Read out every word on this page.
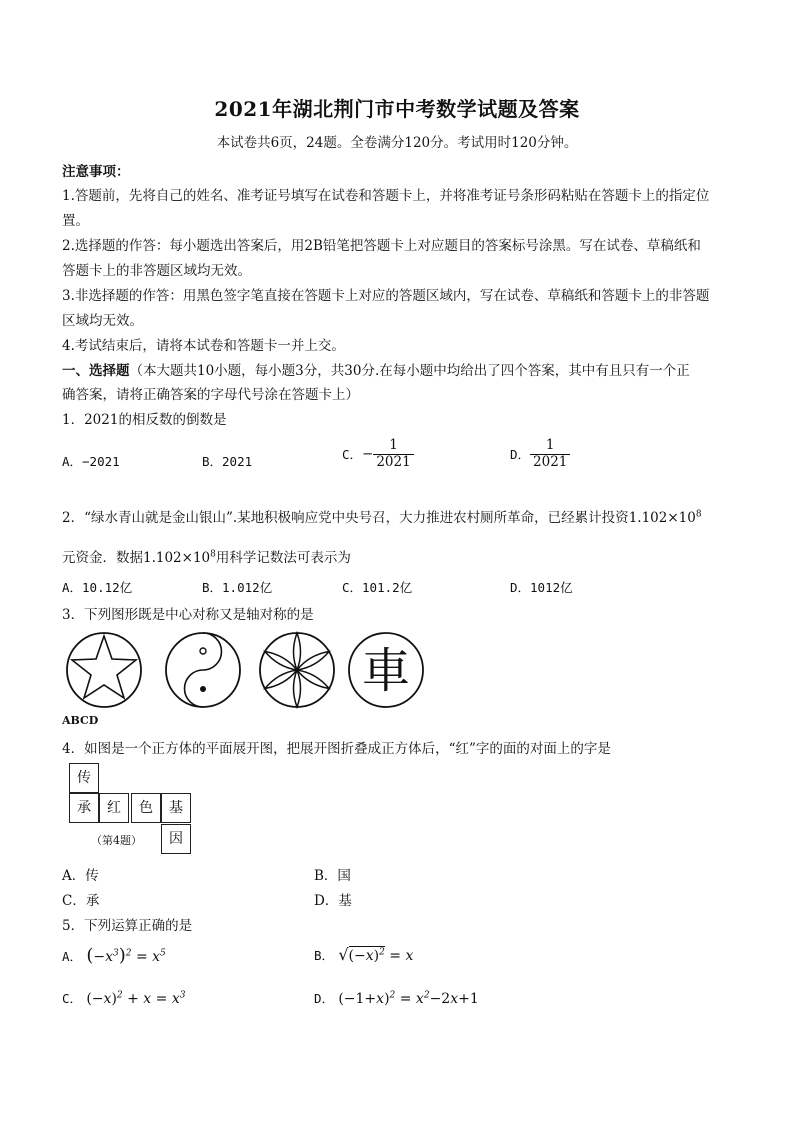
2021年湖北荆门市中考数学试题及答案
本试卷共6页，24题。全卷满分120分。考试用时120分钟。
注意事项：
1.答题前，先将自己的姓名、准考证号填写在试卷和答题卡上，并将准考证号条形码粘贴在答题卡上的指定位
置。
2.选择题的作答：每小题选出答案后，用2B铅笔把答题卡上对应题目的答案标号涂黑。写在试卷、草稿纸和
答题卡上的非答题区域均无效。
3.非选择题的作答：用黑色签字笔直接在答题卡上对应的答题区域内，写在试卷、草稿纸和答题卡上的非答题
区域均无效。
4.考试结束后，请将本试卷和答题卡一并上交。
一、选择题（本大题共10小题，每小题3分，共30分.在每小题中均给出了四个答案，其中有且只有一个正
确答案，请将正确答案的字母代号涂在答题卡上）
1．2021的相反数的倒数是
A．−2021	B．2021	C．− $\frac{1}{2021}$	D． $\frac{1}{2021}$
2．“绿水青山就是金山银山”.某地积极响应党中央号召，大力推进农村厕所革命，已经累计投资$1.102\times 10^8$
元资金．数据$1.102\times 10^8$用科学记数法可表示为
A．10.12亿	B．1.012亿	C．101.2亿	D．1012亿
3．下列图形既是中心对称又是轴对称的是
車
ABCD
4．如图是一个正方体的平面展开图，把展开图折叠成正方体后，“红”字的面的对面上的字是
传
承	红	色	基
因
（第4题）
A．传	B．国
C．承	D．基
5．下列运算正确的是
A． $(-x^3)^2 = x^5$	B． $√(-x)^2 = x$
C． $(-x)^2 + x = x^3$	D． $(-1+x)^2 = x^2-2x+1$
